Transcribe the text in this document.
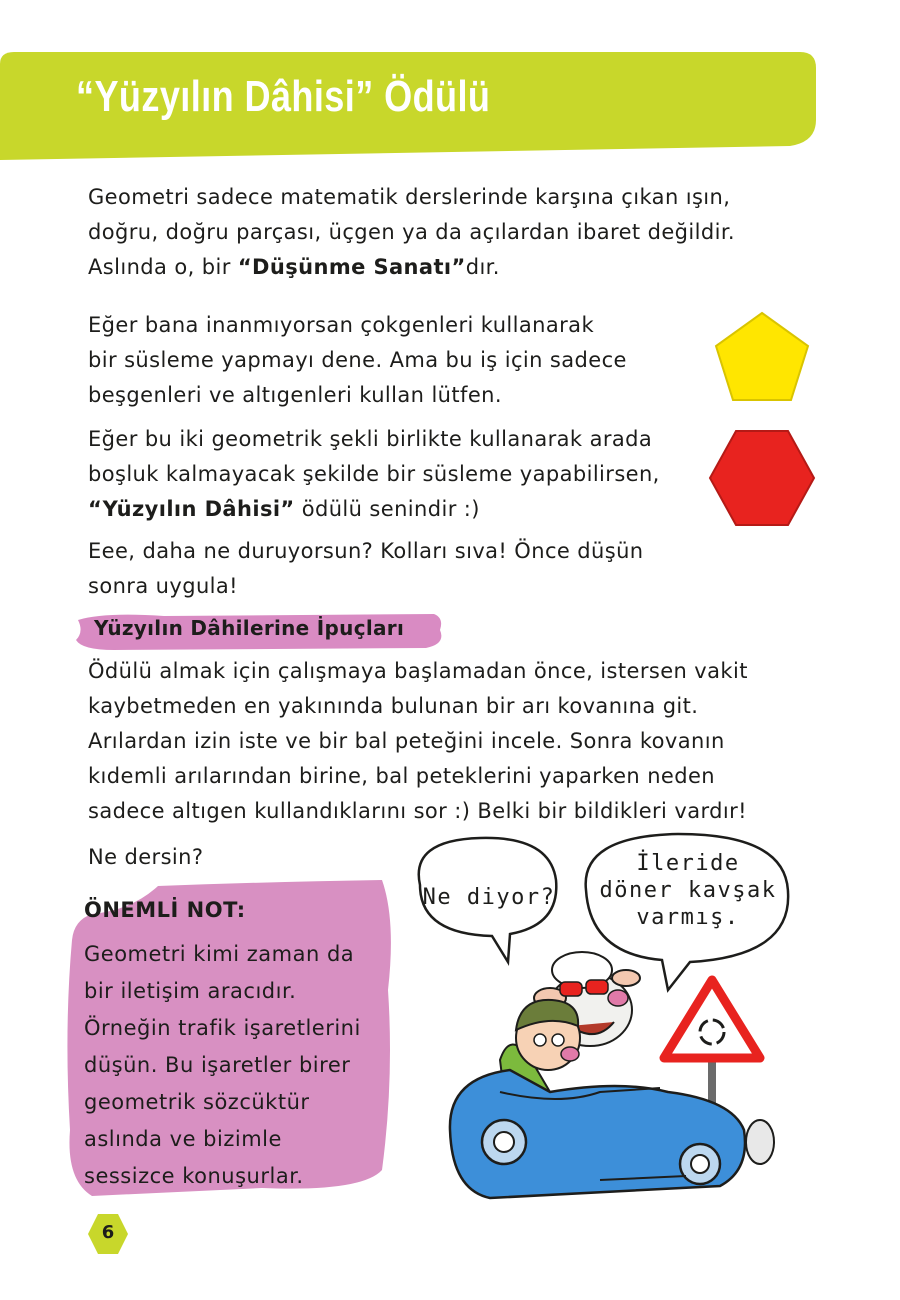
“Yüzyılın Dâhisi” Ödülü

Geometri sadece matematik derslerinde karşına çıkan ışın,
doğru, doğru parçası, üçgen ya da açılardan ibaret değildir.
Aslında o, bir “Düşünme Sanatı”dır.

Eğer bana inanmıyorsan çokgenleri kullanarak
bir süsleme yapmayı dene. Ama bu iş için sadece
beşgenleri ve altıgenleri kullan lütfen.

Eğer bu iki geometrik şekli birlikte kullanarak arada
boşluk kalmayacak şekilde bir süsleme yapabilirsen,
“Yüzyılın Dâhisi” ödülü senindir :)

Eee, daha ne duruyorsun? Kolları sıva! Önce düşün
sonra uygula!

Yüzyılın Dâhilerine İpuçları

Ödülü almak için çalışmaya başlamadan önce, istersen vakit
kaybetmeden en yakınında bulunan bir arı kovanına git.
Arılardan izin iste ve bir bal peteğini incele. Sonra kovanın
kıdemli arılarından birine, bal peteklerini yaparken neden
sadece altıgen kullandıklarını sor :) Belki bir bildikleri vardır!

Ne dersin?

ÖNEMLİ NOT:

Geometri kimi zaman da
bir iletişim aracıdır.
Örneğin trafik işaretlerini
düşün. Bu işaretler birer
geometrik sözcüktür
aslında ve bizimle
sessizce konuşurlar.

Ne diyor?

İleride
döner kavşak
varmış.

6
